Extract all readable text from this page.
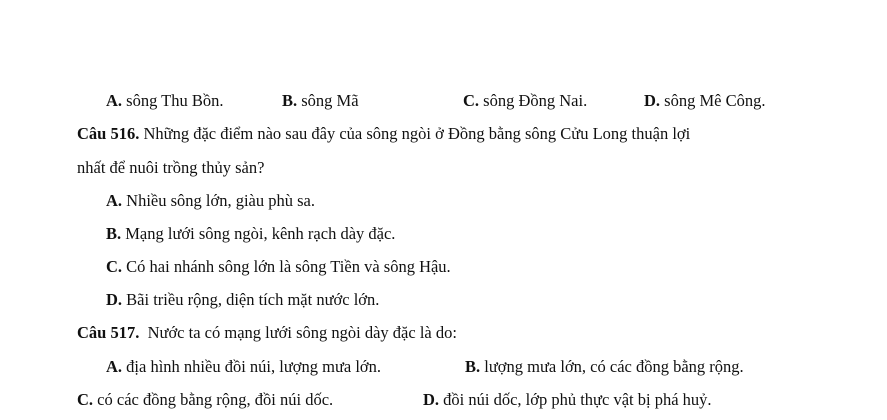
A. sông Thu Bồn.	B. sông Mã	C. sông Đồng Nai.	D. sông Mê Công.
Câu 516. Những đặc điểm nào sau đây của sông ngòi ở Đồng bằng sông Cửu Long thuận lợi
nhất để nuôi trồng thủy sản?
A. Nhiều sông lớn, giàu phù sa.
B. Mạng lưới sông ngòi, kênh rạch dày đặc.
C. Có hai nhánh sông lớn là sông Tiền và sông Hậu.
D. Bãi triều rộng, diện tích mặt nước lớn.
Câu 517.  Nước ta có mạng lưới sông ngòi dày đặc là do:
A. địa hình nhiều đồi núi, lượng mưa lớn.	B. lượng mưa lớn, có các đồng bằng rộng.
C. có các đồng bằng rộng, đồi núi dốc.	D. đồi núi dốc, lớp phủ thực vật bị phá huỷ.
